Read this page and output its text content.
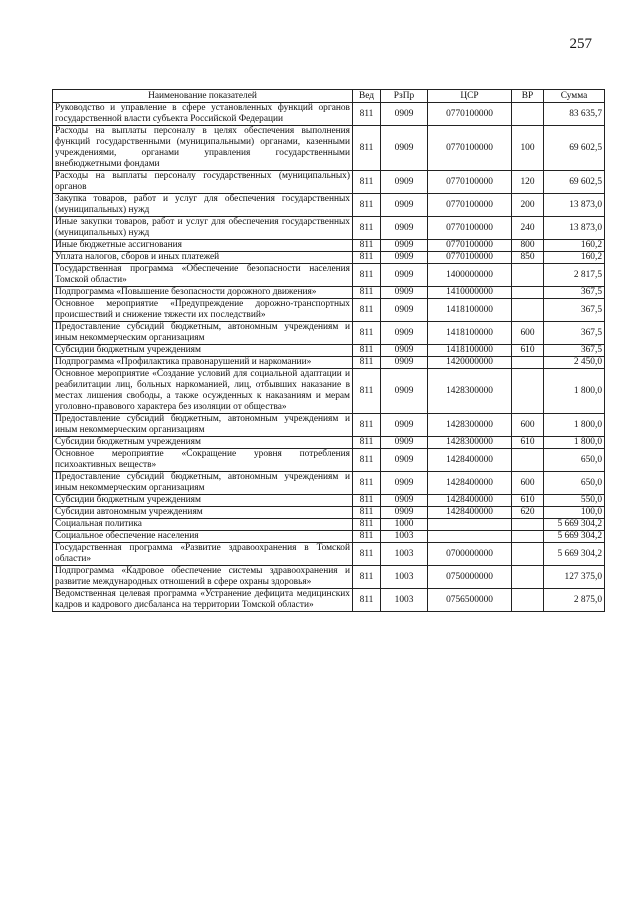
257
Наименование показателей	Вед	РзПр	ЦСР	ВР	Сумма
Руководство и управление в сфере установленных функций органов государственной власти субъекта Российской Федерации	811	0909	0770100000		83 635,7
Расходы на выплаты персоналу в целях обеспечения выполнения функций государственными (муниципальными) органами, казенными учреждениями, органами управления государственными внебюджетными фондами	811	0909	0770100000	100	69 602,5
Расходы на выплаты персоналу государственных (муниципальных) органов	811	0909	0770100000	120	69 602,5
Закупка товаров, работ и услуг для обеспечения государственных (муниципальных) нужд	811	0909	0770100000	200	13 873,0
Иные закупки товаров, работ и услуг для обеспечения государственных (муниципальных) нужд	811	0909	0770100000	240	13 873,0
Иные бюджетные ассигнования	811	0909	0770100000	800	160,2
Уплата налогов, сборов и иных платежей	811	0909	0770100000	850	160,2
Государственная программа «Обеспечение безопасности населения Томской области»	811	0909	1400000000		2 817,5
Подпрограмма «Повышение безопасности дорожного движения»	811	0909	1410000000		367,5
Основное мероприятие «Предупреждение дорожно-транспортных происшествий и снижение тяжести их последствий»	811	0909	1418100000		367,5
Предоставление субсидий бюджетным, автономным учреждениям и иным некоммерческим организациям	811	0909	1418100000	600	367,5
Субсидии бюджетным учреждениям	811	0909	1418100000	610	367,5
Подпрограмма «Профилактика правонарушений и наркомании»	811	0909	1420000000		2 450,0
Основное мероприятие «Создание условий для социальной адаптации и реабилитации лиц, больных наркоманией, лиц, отбывших наказание в местах лишения свободы, а также осужденных к наказаниям и мерам уголовно-правового характера без изоляции от общества»	811	0909	1428300000		1 800,0
Предоставление субсидий бюджетным, автономным учреждениям и иным некоммерческим организациям	811	0909	1428300000	600	1 800,0
Субсидии бюджетным учреждениям	811	0909	1428300000	610	1 800,0
Основное мероприятие «Сокращение уровня потребления психоактивных веществ»	811	0909	1428400000		650,0
Предоставление субсидий бюджетным, автономным учреждениям и иным некоммерческим организациям	811	0909	1428400000	600	650,0
Субсидии бюджетным учреждениям	811	0909	1428400000	610	550,0
Субсидии автономным учреждениям	811	0909	1428400000	620	100,0
Социальная политика	811	1000			5 669 304,2
Социальное обеспечение населения	811	1003			5 669 304,2
Государственная программа «Развитие здравоохранения в Томской области»	811	1003	0700000000		5 669 304,2
Подпрограмма «Кадровое обеспечение системы здравоохранения и развитие международных отношений в сфере охраны здоровья»	811	1003	0750000000		127 375,0
Ведомственная целевая программа «Устранение дефицита медицинских кадров и кадрового дисбаланса на территории Томской области»	811	1003	0756500000		2 875,0
